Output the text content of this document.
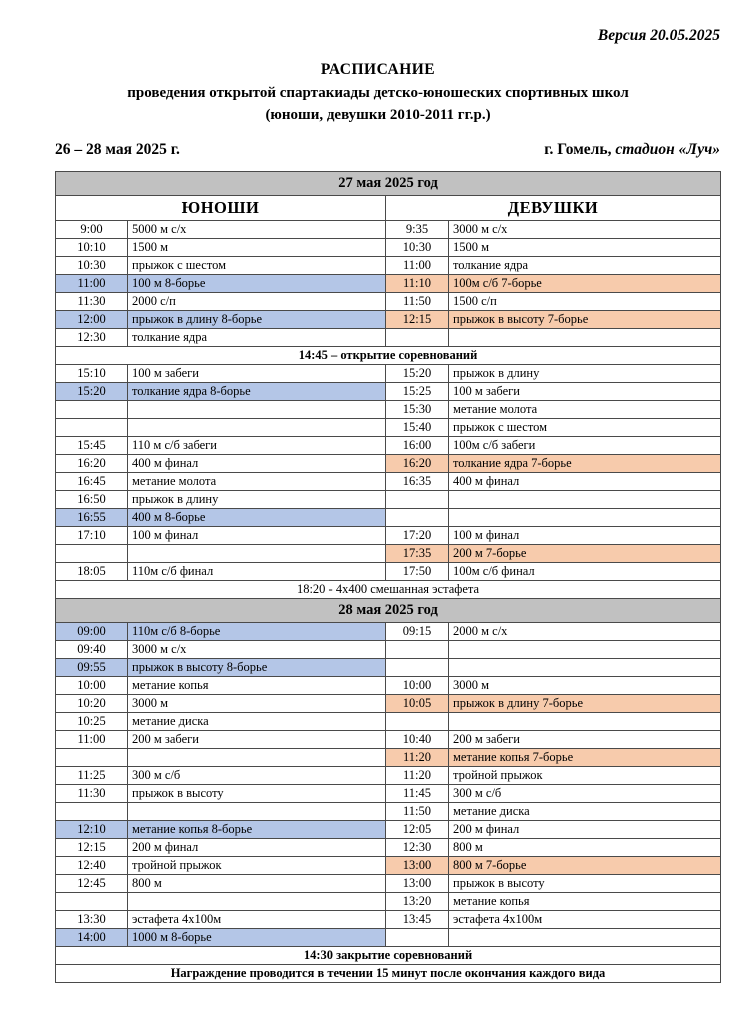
Версия 20.05.2025
РАСПИСАНИЕ
проведения открытой спартакиады детско-юношеских спортивных школ
(юноши, девушки 2010-2011 гг.р.)
26 – 28 мая 2025 г.	г. Гомель, стадион «Луч»
27 мая 2025 год			
ЮНОШИ		ДЕВУШКИ	
9:00	5000 м с/х	9:35	3000 м с/х
10:10	1500 м	10:30	1500 м
10:30	прыжок с шестом	11:00	толкание ядра
11:00	100 м 8-борье	11:10	100м с/б 7-борье
11:30	2000 с/п	11:50	1500 с/п
12:00	прыжок в длину 8-борье	12:15	прыжок в высоту 7-борье
12:30	толкание ядра		
14:45 – открытие соревнований			
15:10	100 м забеги	15:20	прыжок в длину
15:20	толкание ядра 8-борье	15:25	100 м забеги
		15:30	метание молота
		15:40	прыжок с шестом
15:45	110 м с/б забеги	16:00	100м с/б забеги
16:20	400 м финал	16:20	толкание ядра 7-борье
16:45	метание молота	16:35	400 м финал
16:50	прыжок в длину		
16:55	400 м 8-борье		
17:10	100 м финал	17:20	100 м финал
		17:35	200 м 7-борье
18:05	110м с/б финал	17:50	100м с/б финал
18:20 - 4х400 смешанная эстафета			
28 мая 2025 год			
09:00	110м с/б 8-борье	09:15	2000 м с/х
09:40	3000 м с/х		
09:55	прыжок в высоту 8-борье		
10:00	метание копья	10:00	3000 м
10:20	3000 м	10:05	прыжок в длину 7-борье
10:25	метание диска		
11:00	200 м забеги	10:40	200 м забеги
		11:20	метание копья 7-борье
11:25	300 м с/б	11:20	тройной прыжок
11:30	прыжок в высоту	11:45	300 м с/б
		11:50	метание диска
12:10	метание копья 8-борье	12:05	200 м финал
12:15	200 м финал	12:30	800 м
12:40	тройной прыжок	13:00	800 м 7-борье
12:45	800 м	13:00	прыжок в высоту
		13:20	метание копья
13:30	эстафета 4х100м	13:45	эстафета 4х100м
14:00	1000 м 8-борье		
14:30 закрытие соревнований			
Награждение проводится в течении 15 минут после окончания каждого вида			
